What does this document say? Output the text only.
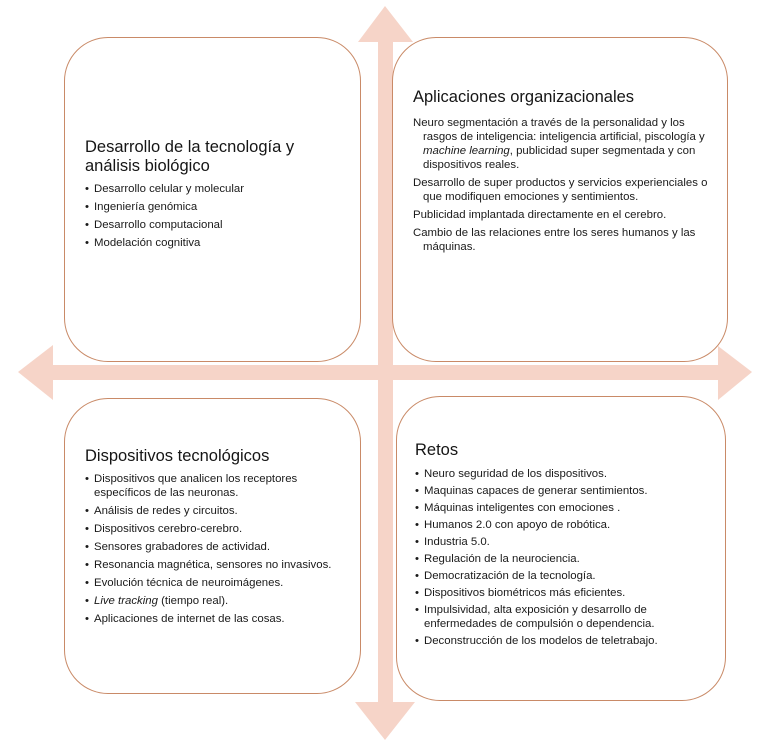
Desarrollo de la tecnología y análisis biológico
• Desarrollo celular y molecular
• Ingeniería genómica
• Desarrollo computacional
• Modelación cognitiva
Aplicaciones organizacionales
Neuro segmentación a través de la personalidad y los rasgos de inteligencia: inteligencia artificial, piscología y machine learning, publicidad super segmentada y con dispositivos reales.
Desarrollo de super productos y servicios experienciales o que modifiquen emociones y sentimientos.
Publicidad implantada directamente en el cerebro.
Cambio de las relaciones entre los seres humanos y las máquinas.
Dispositivos tecnológicos
• Dispositivos que analicen los receptores específicos de las neuronas.
• Análisis de redes y circuitos.
• Dispositivos cerebro-cerebro.
• Sensores grabadores de actividad.
• Resonancia magnética, sensores no invasivos.
• Evolución técnica de neuroimágenes.
• Live tracking (tiempo real).
• Aplicaciones de internet de las cosas.
Retos
• Neuro seguridad de los dispositivos.
• Maquinas capaces de generar sentimientos.
• Máquinas inteligentes con emociones .
• Humanos 2.0 con apoyo de robótica.
• Industria 5.0.
• Regulación de la neurociencia.
• Democratización de la tecnología.
• Dispositivos biométricos más eficientes.
• Impulsividad, alta exposición y desarrollo de enfermedades de compulsión o dependencia.
• Deconstrucción de los modelos de teletrabajo.
